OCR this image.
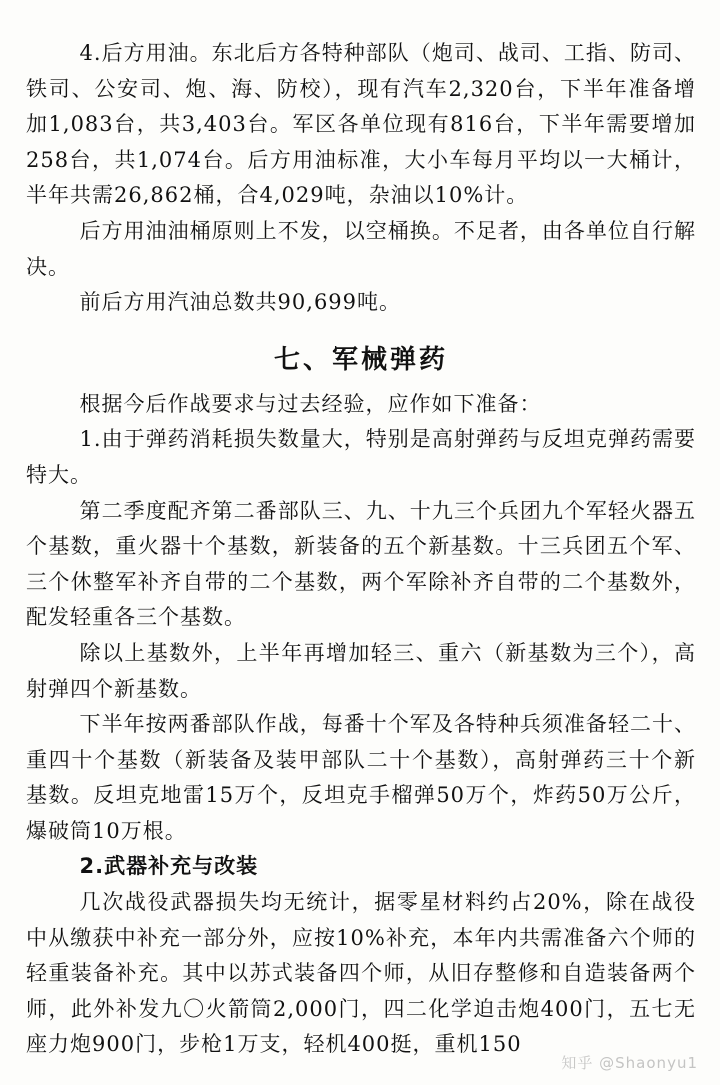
4.后方用油。东北后方各特种部队（炮司、战司、工指、防司、铁司、公安司、炮、海、防校），现有汽车2,320台，下半年准备增加1,083台，共3,403台。军区各单位现有816台，下半年需要增加258台，共1,074台。后方用油标准，大小车每月平均以一大桶计，半年共需26,862桶，合4,029吨，杂油以10%计。

后方用油油桶原则上不发，以空桶换。不足者，由各单位自行解决。

前后方用汽油总数共90,699吨。

七、军械弹药

根据今后作战要求与过去经验，应作如下准备：

1.由于弹药消耗损失数量大，特别是高射弹药与反坦克弹药需要特大。

第二季度配齐第二番部队三、九、十九三个兵团九个军轻火器五个基数，重火器十个基数，新装备的五个新基数。十三兵团五个军、三个休整军补齐自带的二个基数，两个军除补齐自带的二个基数外，配发轻重各三个基数。

除以上基数外，上半年再增加轻三、重六（新基数为三个），高射弹四个新基数。

下半年按两番部队作战，每番十个军及各特种兵须准备轻二十、重四十个基数（新装备及装甲部队二十个基数），高射弹药三十个新基数。反坦克地雷15万个，反坦克手榴弹50万个，炸药50万公斤，爆破筒10万根。

2.武器补充与改装

几次战役武器损失均无统计，据零星材料约占20%，除在战役中从缴获中补充一部分外，应按10%补充，本年内共需准备六个师的轻重装备补充。其中以苏式装备四个师，从旧存整修和自造装备两个师，此外补发九〇火箭筒2,000门，四二化学迫击炮400门，五七无座力炮900门，步枪1万支，轻机400挺，重机150

知乎 @Shaonyu1
